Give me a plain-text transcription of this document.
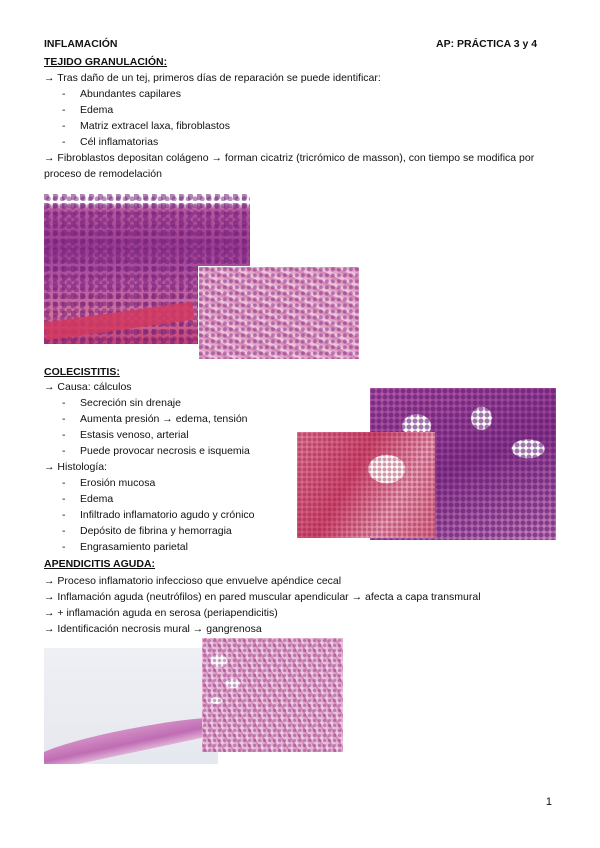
INFLAMACIÓN	AP: PRÁCTICA 3 y 4
TEJIDO GRANULACIÓN:
→ Tras daño de un tej, primeros días de reparación se puede identificar:
- Abundantes capilares
- Edema
- Matriz extracel laxa, fibroblastos
- Cél inflamatorias
→ Fibroblastos depositan colágeno → forman cicatriz (tricrómico de masson), con tiempo se modifica por
proceso de remodelación
COLECISTITIS:
→ Causa: cálculos
- Secreción sin drenaje
- Aumenta presión → edema, tensión
- Estasis venoso, arterial
- Puede provocar necrosis e isquemia
→ Histología:
- Erosión mucosa
- Edema
- Infiltrado inflamatorio agudo y crónico
- Depósito de fibrina y hemorragia
- Engrasamiento parietal
APENDICITIS AGUDA:
→ Proceso inflamatorio infeccioso que envuelve apéndice cecal
→ Inflamación aguda (neutrófilos) en pared muscular apendicular → afecta a capa transmural
→ + inflamación aguda en serosa (periapendicitis)
→ Identificación necrosis mural → gangrenosa
1
